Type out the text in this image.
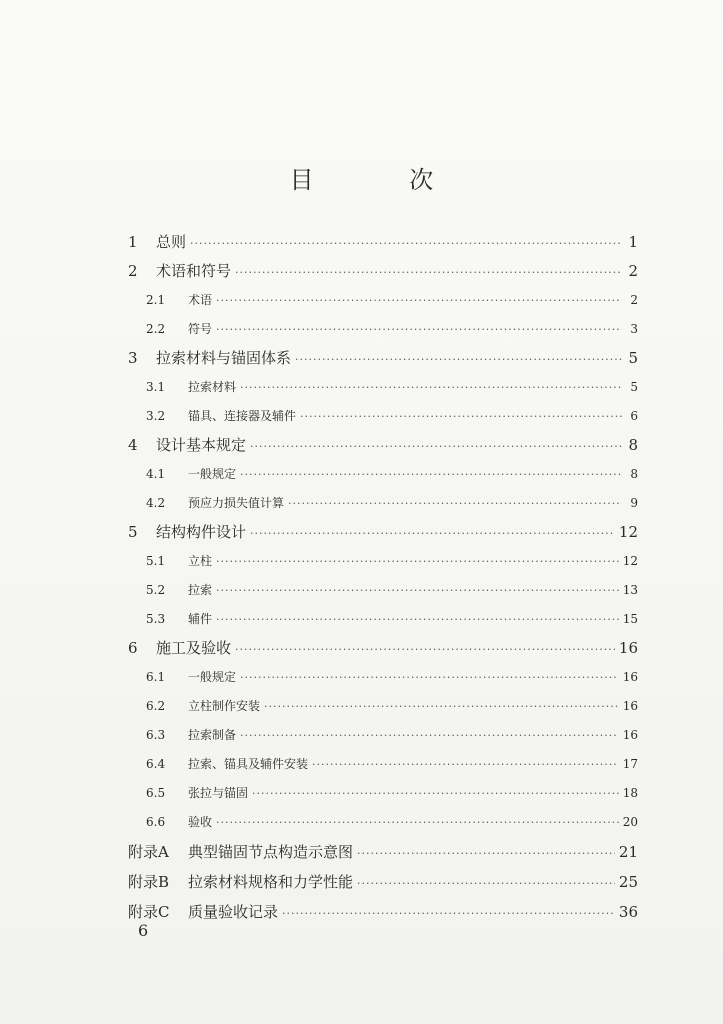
目 次
1	总则 ·····	1
2	术语和符号 ·····	2
2.1	术语 ·····	2
2.2	符号 ·····	3
3	拉索材料与锚固体系 ·····	5
3.1	拉索材料 ·····	5
3.2	锚具、连接器及辅件 ·····	6
4	设计基本规定 ·····	8
4.1	一般规定 ·····	8
4.2	预应力损失值计算 ·····	9
5	结构构件设计 ·····	12
5.1	立柱 ·····	12
5.2	拉索 ·····	13
5.3	辅件 ·····	15
6	施工及验收 ·····	16
6.1	一般规定 ·····	16
6.2	立柱制作安装 ·····	16
6.3	拉索制备 ·····	16
6.4	拉索、锚具及辅件安装 ·····	17
6.5	张拉与锚固 ·····	18
6.6	验收 ·····	20
附录A	典型锚固节点构造示意图 ·····	21
附录B	拉索材料规格和力学性能 ·····	25
附录C	质量验收记录 ·····	36
6
